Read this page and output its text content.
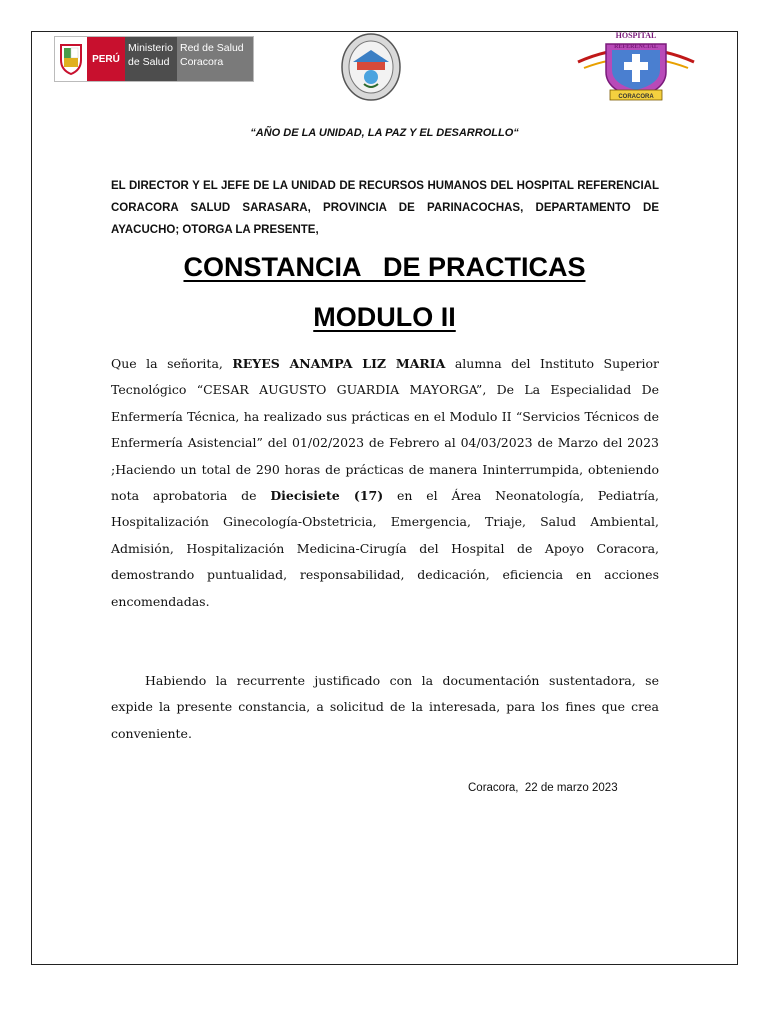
PERÚ
Ministerio
de Salud
Red de Salud
Coracora
HOSPITAL
REFERENCIAL
CORACORA
“AÑO DE LA UNIDAD, LA PAZ Y EL DESARROLLO“

EL DIRECTOR Y EL JEFE DE LA UNIDAD DE RECURSOS HUMANOS DEL HOSPITAL REFERENCIAL CORACORA SALUD SARASARA, PROVINCIA DE PARINACOCHAS, DEPARTAMENTO DE AYACUCHO; OTORGA LA PRESENTE,

CONSTANCIA   DE PRACTICAS
MODULO II

Que la señorita, REYES ANAMPA LIZ MARIA alumna del Instituto Superior Tecnológico “CESAR AUGUSTO GUARDIA MAYORGA”, De La Especialidad De Enfermería Técnica, ha realizado sus prácticas en el Modulo II “Servicios Técnicos de Enfermería Asistencial” del 01/02/2023 de Febrero al 04/03/2023 de Marzo del 2023 ;Haciendo un total de 290 horas de prácticas de manera Ininterrumpida, obteniendo nota aprobatoria de Diecisiete (17) en el Área Neonatología, Pediatría, Hospitalización Ginecología-Obstetricia, Emergencia, Triaje, Salud Ambiental, Admisión, Hospitalización Medicina-Cirugía del Hospital de Apoyo Coracora, demostrando puntualidad, responsabilidad, dedicación, eficiencia en acciones encomendadas.

Habiendo la recurrente justificado con la documentación sustentadora, se expide la presente constancia, a solicitud de la interesada, para los fines que crea conveniente.

Coracora,  22 de marzo 2023
